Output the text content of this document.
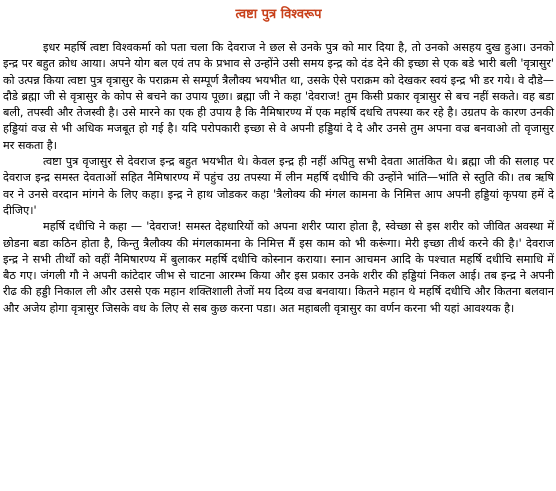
त्वष्टा पुत्र विश्वरूप

इधर महर्षि त्वष्टा विश्वकर्मा को पता चला कि देवराज ने छल से उनके पुत्र को मार दिया है, तो उनको असहय दुख हुआ। उनको इन्द्र पर बहुत क्रोध आया। अपने योग बल एवं तप के प्रभाव से उन्होंने उसी समय इन्द्र को दंड देने की इच्छा से एक बडे भारी बली 'वृत्रासुर' को उत्पन्न किया त्वष्टा पुत्र वृत्रासुर के पराक्रम से सम्पूर्ण त्रैलौक्य भयभीत था, उसके ऐसे पराक्रम को देखकर स्वयं इन्द्र भी डर गये। वे दौडे—दौडे ब्रह्मा जी से वृत्रासुर के कोप से बचने का उपाय पूछा। ब्रह्मा जी ने कहा 'देवराज! तुम किसी प्रकार वृत्रासुर से बच नहीं सकते। वह बडा बली, तपस्वी और तेजस्वी है। उसे मारने का एक ही उपाय है कि नैमिषारण्य में एक महर्षि दधचि तपस्या कर रहे है। उग्रतप के कारण उनकी हड्डियां वज्र से भी अधिक मजबूत हो गई है। यदि परोपकारी इच्छा से वे अपनी हड्डियां दे दे और उनसे तुम अपना वज्र बनवाओ तो वृजासुर मर सकता है।

त्वष्टा पुत्र वृजासुर से देवराज इन्द्र बहुत भयभीत थे। केवल इन्द्र ही नहीं अपितु सभी देवता आतंकित थे। ब्रह्मा जी की सलाह पर देवराज इन्द्र समस्त देवताओं सहित नैमिषारण्य में पहुंच उग्र तपस्या में लीन महर्षि दधीचि की उन्होंने भांति—भांति से स्तुति की। तब ऋषि वर ने उनसे वरदान मांगने के लिए कहा। इन्द्र ने हाथ जोडकर कहा 'त्रैलोक्य की मंगल कामना के निमित्त आप अपनी हड्डियां कृपया हमें दे दीजिए।'

महर्षि दधीचि ने कहा — 'देवराज! समस्त देहधारियों को अपना शरीर प्यारा होता है, स्वेच्छा से इस शरीर को जीवित अवस्था में छोडना बडा कठिन होता है, किन्तु त्रैलौक्य की मंगलकामना के निमित्त मैं इस काम को भी करूंगा। मेरी इच्छा तीर्थ करने की है।' देवराज इन्द्र ने सभी तीर्थों को वहीं नैमिषारण्य में बुलाकर महर्षि दधीचि कोस्नान कराया। स्नान आचमन आदि के पश्चात महर्षि दधीचि समाधि में बैठ गए। जंगली गौ ने अपनी कांटेदार जीभ से चाटना आरम्भ किया और इस प्रकार उनके शरीर की हड्डियां निकल आई। तब इन्द्र ने अपनी रीढ की हड्डी निकाल ली और उससे एक महान शक्तिशाली तेजों मय दिव्य वज्र बनवाया। कितने महान थे महर्षि दधीचि और कितना बलवान और अजेय होगा वृत्रासुर जिसके वध के लिए से सब कुछ करना पडा। अत महाबली वृत्रासुर का वर्णन करना भी यहां आवश्यक है।
